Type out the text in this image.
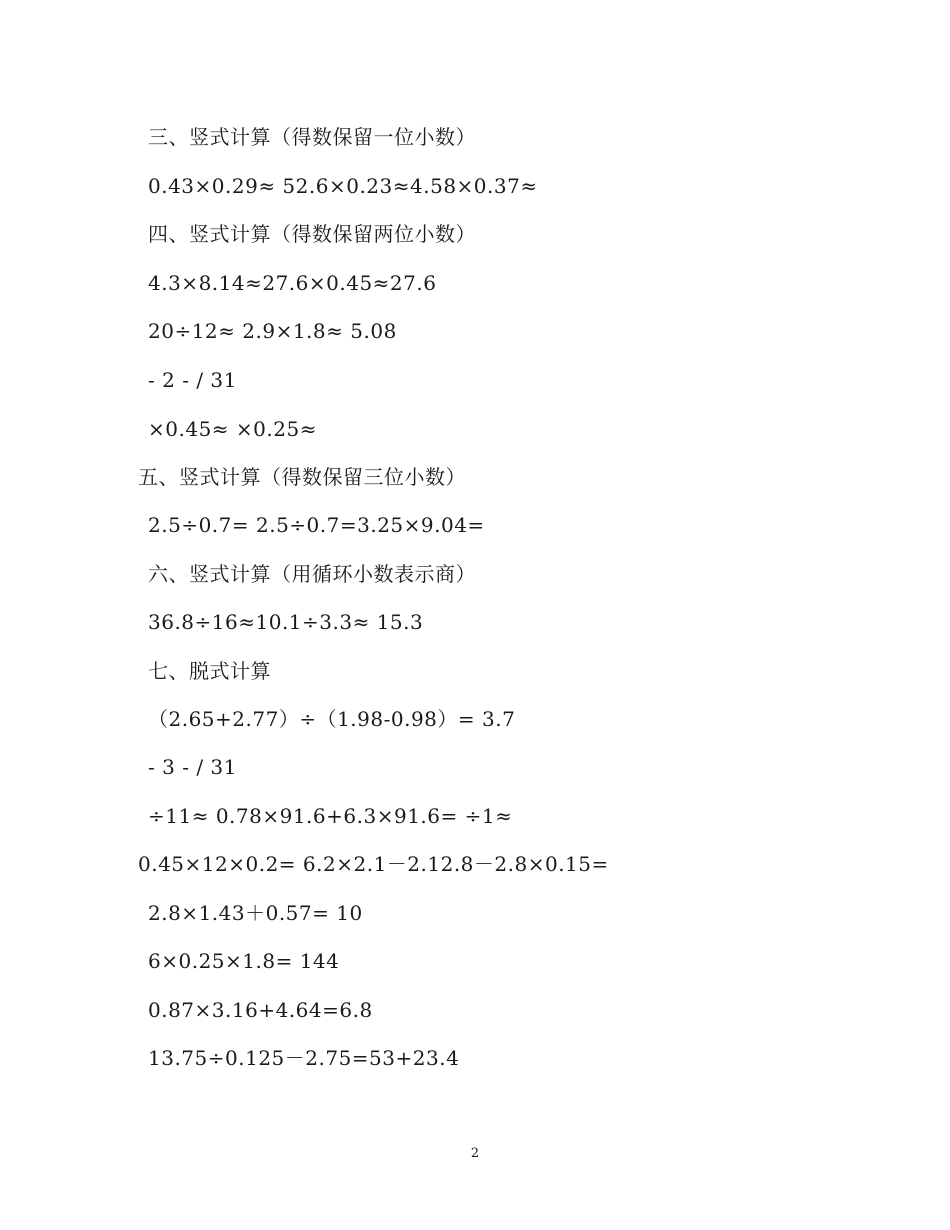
三、竖式计算（得数保留一位小数）
0.43×0.29≈ 52.6×0.23≈4.58×0.37≈
四、竖式计算（得数保留两位小数）
4.3×8.14≈27.6×0.45≈27.6
20÷12≈ 2.9×1.8≈ 5.08
- 2 - / 31
×0.45≈ ×0.25≈
五、竖式计算（得数保留三位小数）
2.5÷0.7= 2.5÷0.7=3.25×9.04=
六、竖式计算（用循环小数表示商）
36.8÷16≈10.1÷3.3≈ 15.3
七、脱式计算
（2.65+2.77）÷（1.98-0.98）= 3.7
- 3 - / 31
÷11≈ 0.78×91.6+6.3×91.6= ÷1≈
0.45×12×0.2= 6.2×2.1－2.12.8－2.8×0.15=
2.8×1.43＋0.57= 10
6×0.25×1.8= 144
0.87×3.16+4.64=6.8
13.75÷0.125－2.75=53+23.4
2
